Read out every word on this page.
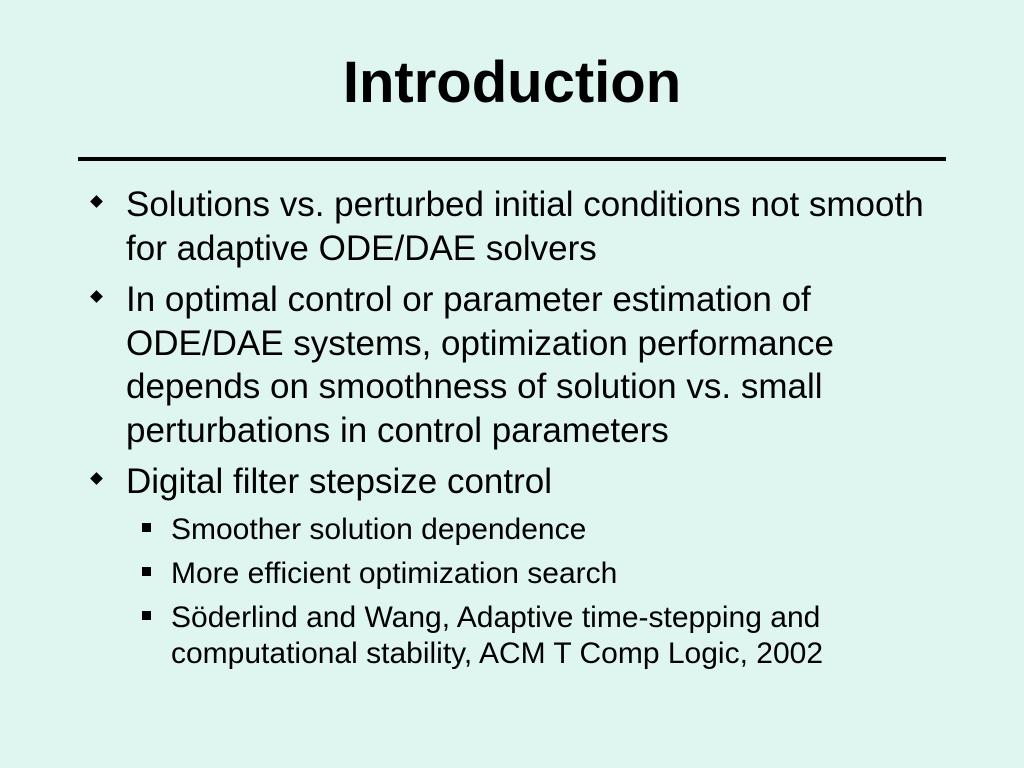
Introduction
Solutions vs. perturbed initial conditions not smooth for adaptive ODE/DAE solvers
In optimal control or parameter estimation of ODE/DAE systems, optimization performance depends on smoothness of solution vs. small perturbations in control parameters
Digital filter stepsize control
Smoother solution dependence
More efficient optimization search
Söderlind and Wang, Adaptive time-stepping and computational stability, ACM T Comp Logic, 2002
